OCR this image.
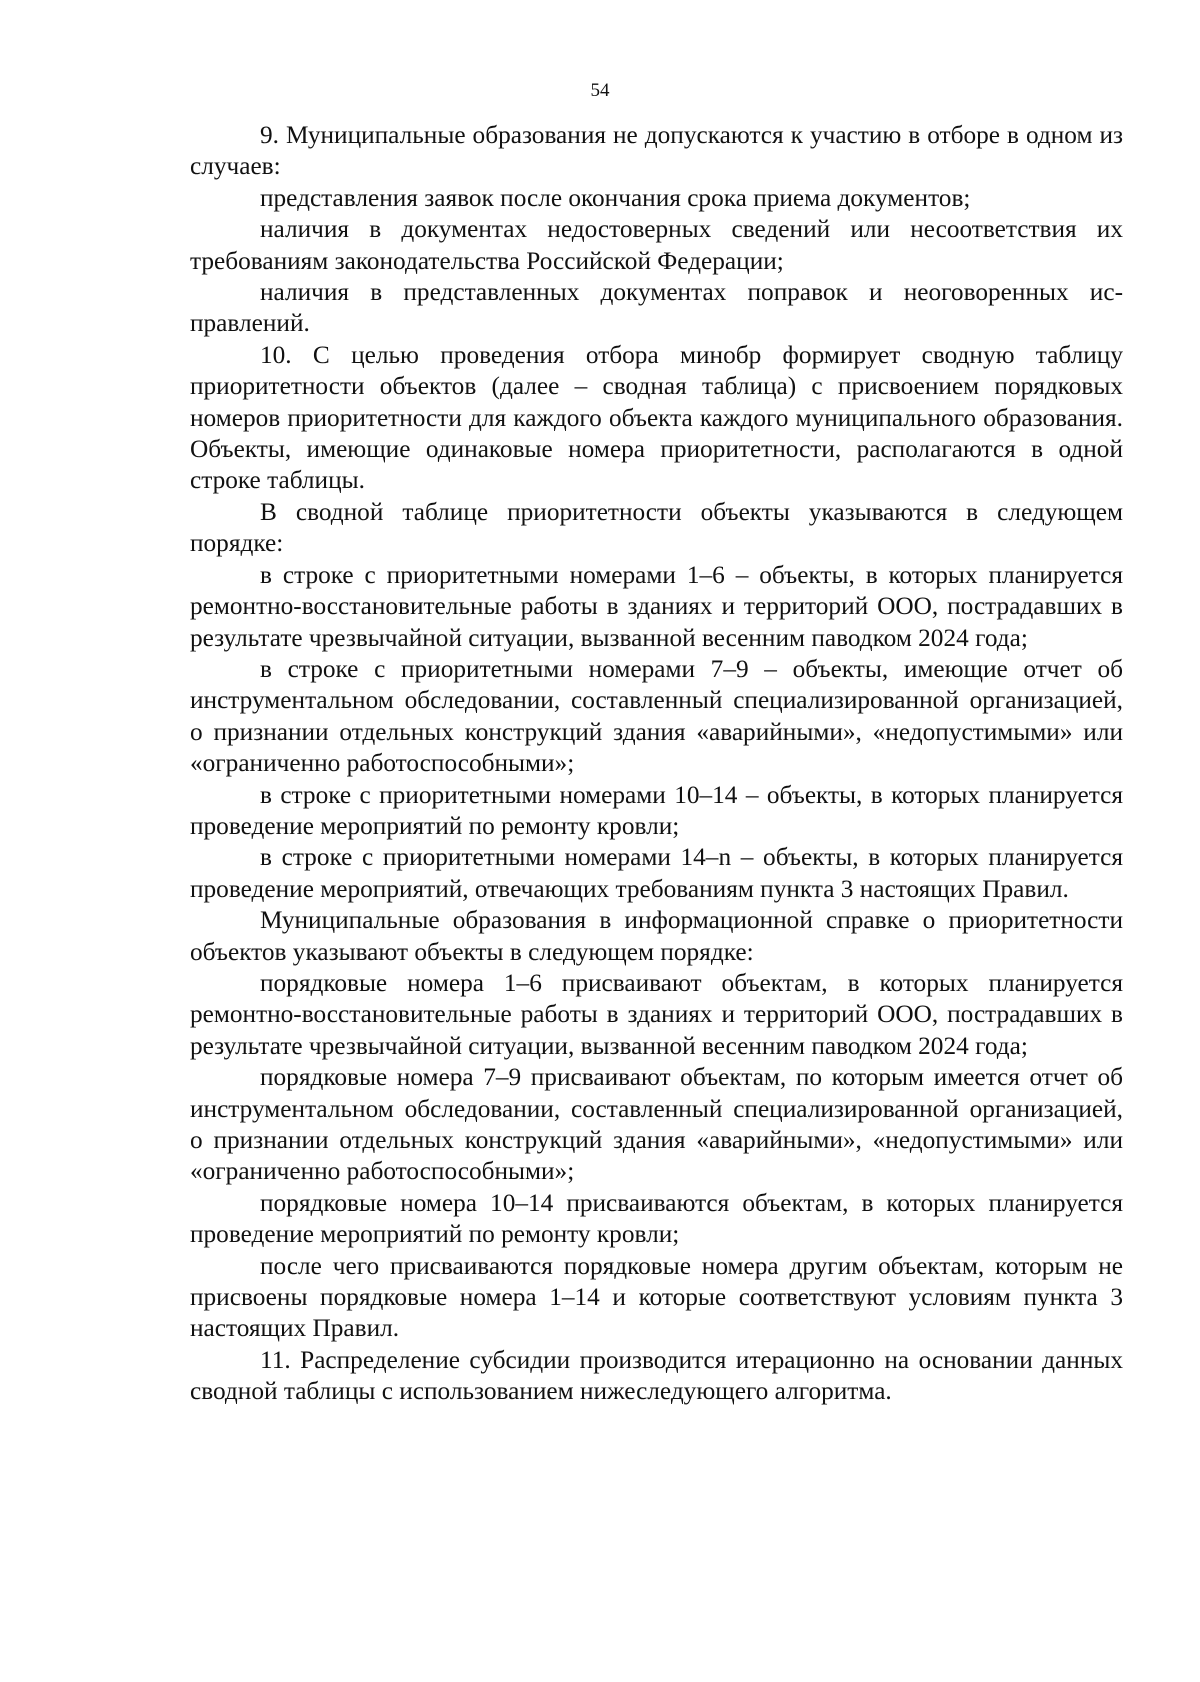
54

9. Муниципальные образования не допускаются к участию в отборе в одном из случаев:

представления заявок после окончания срока приема документов;

наличия в документах недостоверных сведений или несоответствия их требованиям законодательства Российской Федерации;

наличия в представленных документах поправок и неоговоренных исправлений.

10. С целью проведения отбора минобр формирует сводную таблицу приоритетности объектов (далее – сводная таблица) с присвоением порядковых номеров приоритетности для каждого объекта каждого муниципального образования. Объекты, имеющие одинаковые номера приоритетности, располагаются в одной строке таблицы.

В сводной таблице приоритетности объекты указываются в следующем порядке:

в строке с приоритетными номерами 1–6 – объекты, в которых планируется ремонтно-восстановительные работы в зданиях и территорий ООО, пострадавших в результате чрезвычайной ситуации, вызванной весенним паводком 2024 года;

в строке с приоритетными номерами 7–9 – объекты, имеющие отчет об инструментальном обследовании, составленный специализированной организацией, о признании отдельных конструкций здания «аварийными», «недопустимыми» или «ограниченно работоспособными»;

в строке с приоритетными номерами 10–14 – объекты, в которых планируется проведение мероприятий по ремонту кровли;

в строке с приоритетными номерами 14–n – объекты, в которых планируется проведение мероприятий, отвечающих требованиям пункта 3 настоящих Правил.

Муниципальные образования в информационной справке о приоритетности объектов указывают объекты в следующем порядке:

порядковые номера 1–6 присваивают объектам, в которых планируется ремонтно-восстановительные работы в зданиях и территорий ООО, пострадавших в результате чрезвычайной ситуации, вызванной весенним паводком 2024 года;

порядковые номера 7–9 присваивают объектам, по которым имеется отчет об инструментальном обследовании, составленный специализированной организацией, о признании отдельных конструкций здания «аварийными», «недопустимыми» или «ограниченно работоспособными»;

порядковые номера 10–14 присваиваются объектам, в которых планируется проведение мероприятий по ремонту кровли;

после чего присваиваются порядковые номера другим объектам, которым не присвоены порядковые номера 1–14 и которые соответствуют условиям пункта 3 настоящих Правил.

11. Распределение субсидии производится итерационно на основании данных сводной таблицы с использованием нижеследующего алгоритма.
